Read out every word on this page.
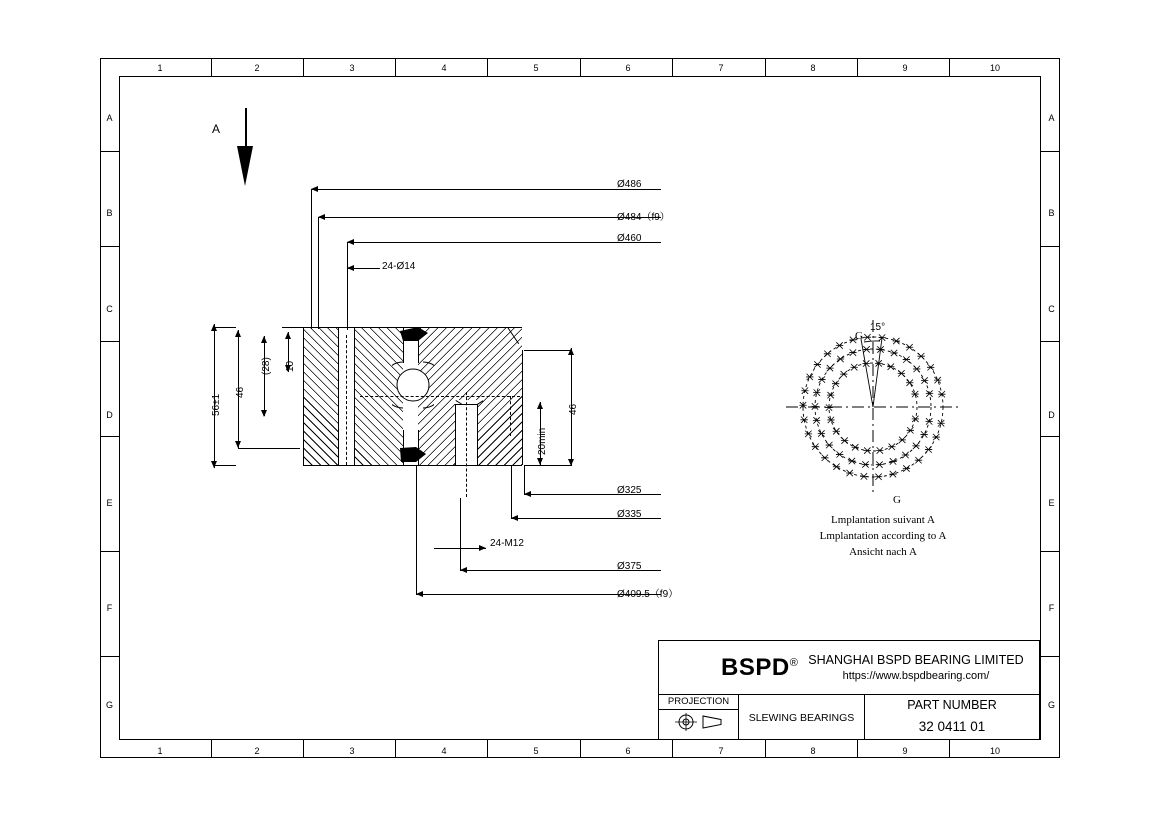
1	2	3	4	5	6	7	8	9	10
1	2	3	4	5	6	7	8	9	10
A
B
C
D
E
F
G
A
B
C
D
E
F
G
A
Ø486
Ø484（f9）
Ø460
24-Ø14
56±1
46
(28) 10
46
20min
Ø325
Ø335
24-M12
Ø375
Ø409.5（f9）
15°
G
G
Lmplantation suivant A
Lmplantation according to A
Ansicht nach A
BSPD® SHANGHAI BSPD BEARING LIMITED
https://www.bspdbearing.com/
PROJECTION
SLEWING BEARINGS
PART NUMBER
32 0411 01
